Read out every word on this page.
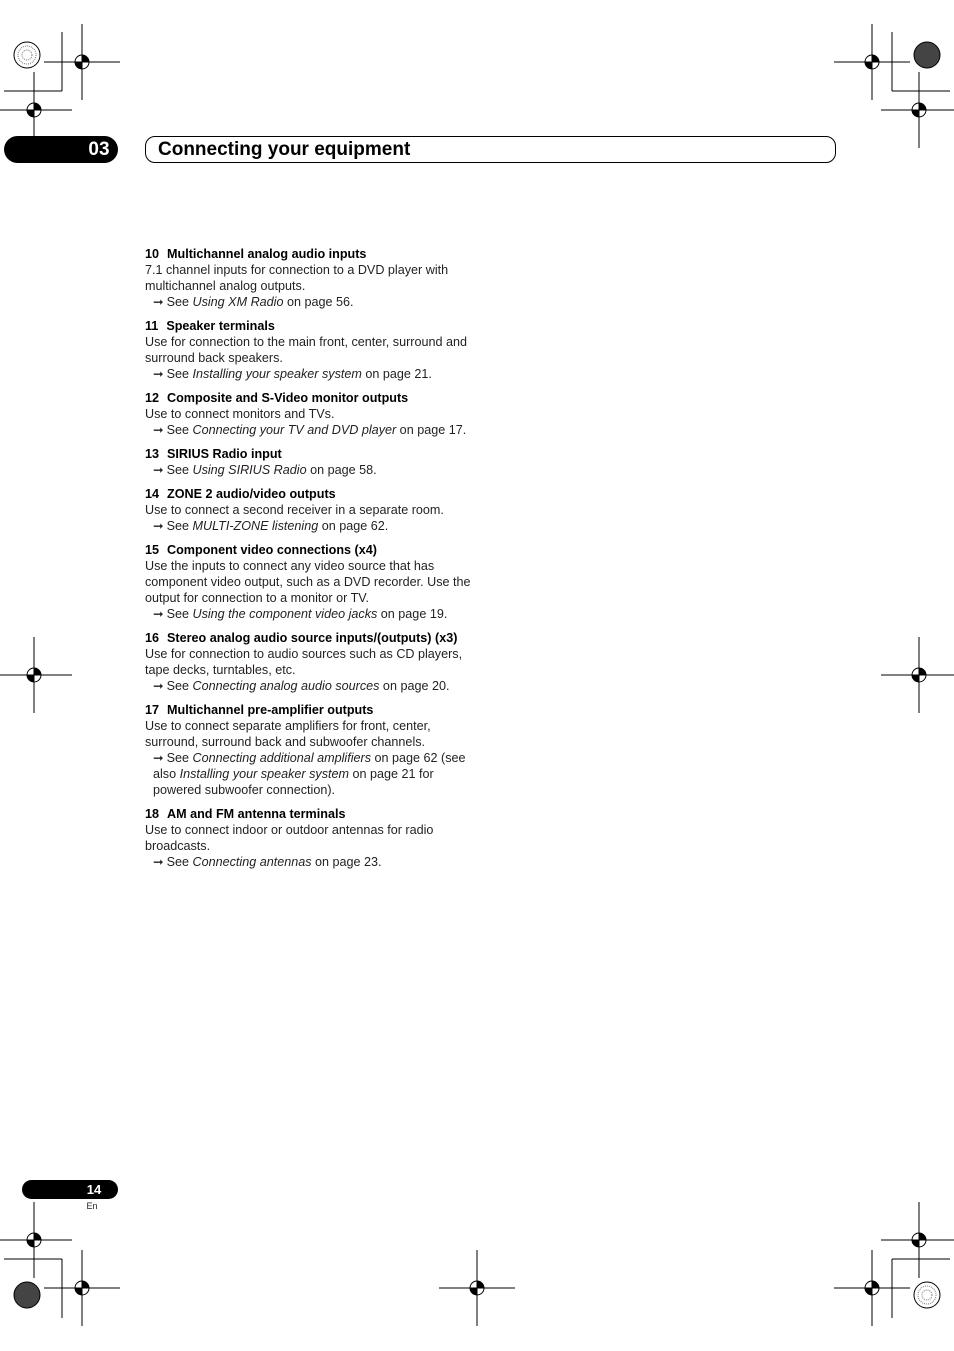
03	Connecting your equipment
10 Multichannel analog audio inputs
7.1 channel inputs for connection to a DVD player with multichannel analog outputs.
➞ See Using XM Radio on page 56.
11 Speaker terminals
Use for connection to the main front, center, surround and surround back speakers.
➞ See Installing your speaker system on page 21.
12 Composite and S-Video monitor outputs
Use to connect monitors and TVs.
➞ See Connecting your TV and DVD player on page 17.
13 SIRIUS Radio input
➞ See Using SIRIUS Radio on page 58.
14 ZONE 2 audio/video outputs
Use to connect a second receiver in a separate room.
➞ See MULTI-ZONE listening on page 62.
15 Component video connections (x4)
Use the inputs to connect any video source that has component video output, such as a DVD recorder. Use the output for connection to a monitor or TV.
➞ See Using the component video jacks on page 19.
16 Stereo analog audio source inputs/(outputs) (x3)
Use for connection to audio sources such as CD players, tape decks, turntables, etc.
➞ See Connecting analog audio sources on page 20.
17 Multichannel pre-amplifier outputs
Use to connect separate amplifiers for front, center, surround, surround back and subwoofer channels.
➞ See Connecting additional amplifiers on page 62 (see also Installing your speaker system on page 21 for powered subwoofer connection).
18 AM and FM antenna terminals
Use to connect indoor or outdoor antennas for radio broadcasts.
➞ See Connecting antennas on page 23.
14
En
